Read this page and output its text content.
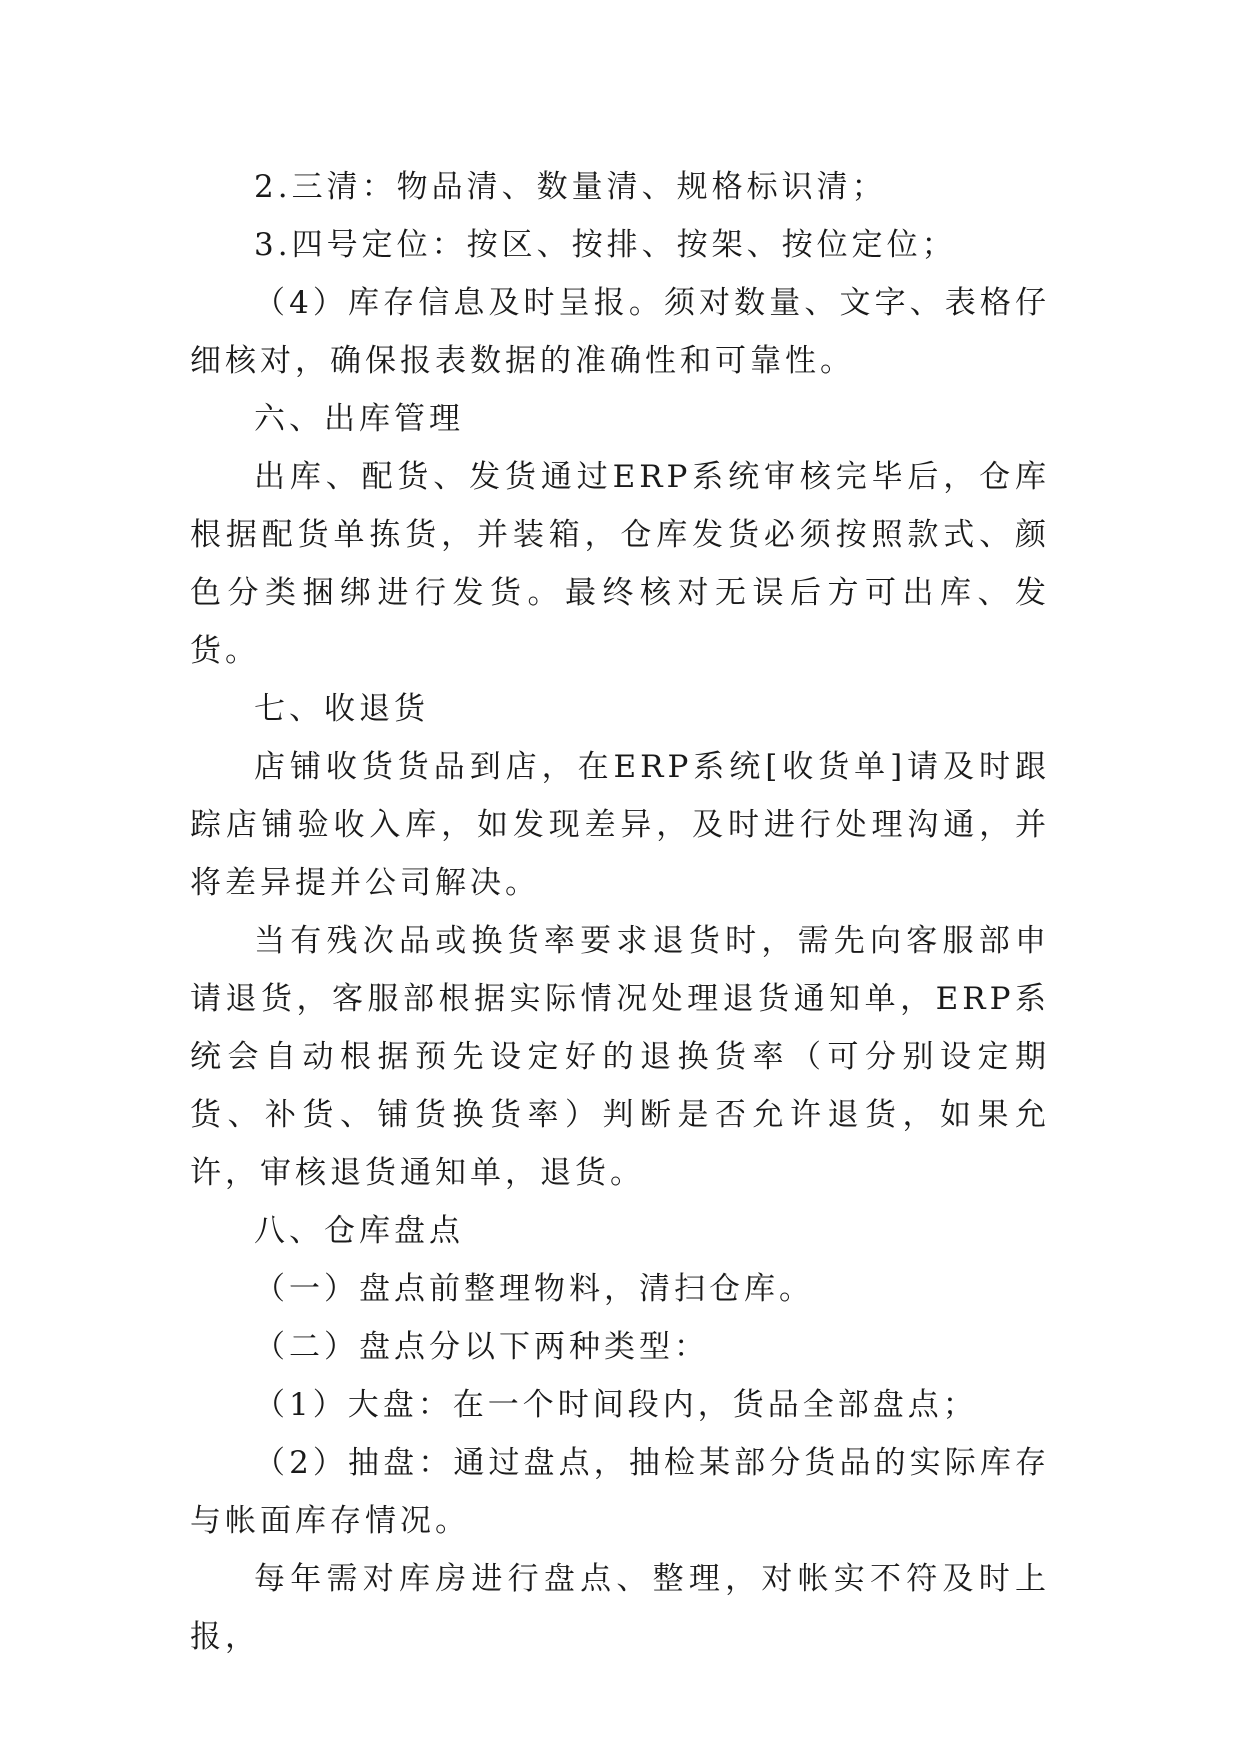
2.三清：物品清、数量清、规格标识清；

3.四号定位：按区、按排、按架、按位定位；

（4）库存信息及时呈报。须对数量、文字、表格仔细核对，确保报表数据的准确性和可靠性。

六、出库管理

出库、配货、发货通过ERP系统审核完毕后，仓库根据配货单拣货，并装箱，仓库发货必须按照款式、颜色分类捆绑进行发货。最终核对无误后方可出库、发货。

七、收退货

店铺收货货品到店，在ERP系统[收货单]请及时跟踪店铺验收入库，如发现差异，及时进行处理沟通，并将差异提并公司解决。

当有残次品或换货率要求退货时，需先向客服部申请退货，客服部根据实际情况处理退货通知单，ERP系统会自动根据预先设定好的退换货率（可分别设定期货、补货、铺货换货率）判断是否允许退货，如果允许，审核退货通知单，退货。

八、仓库盘点

（一）盘点前整理物料，清扫仓库。

（二）盘点分以下两种类型：

（1）大盘：在一个时间段内，货品全部盘点；

（2）抽盘：通过盘点，抽检某部分货品的实际库存与帐面库存情况。

每年需对库房进行盘点、整理，对帐实不符及时上报，
